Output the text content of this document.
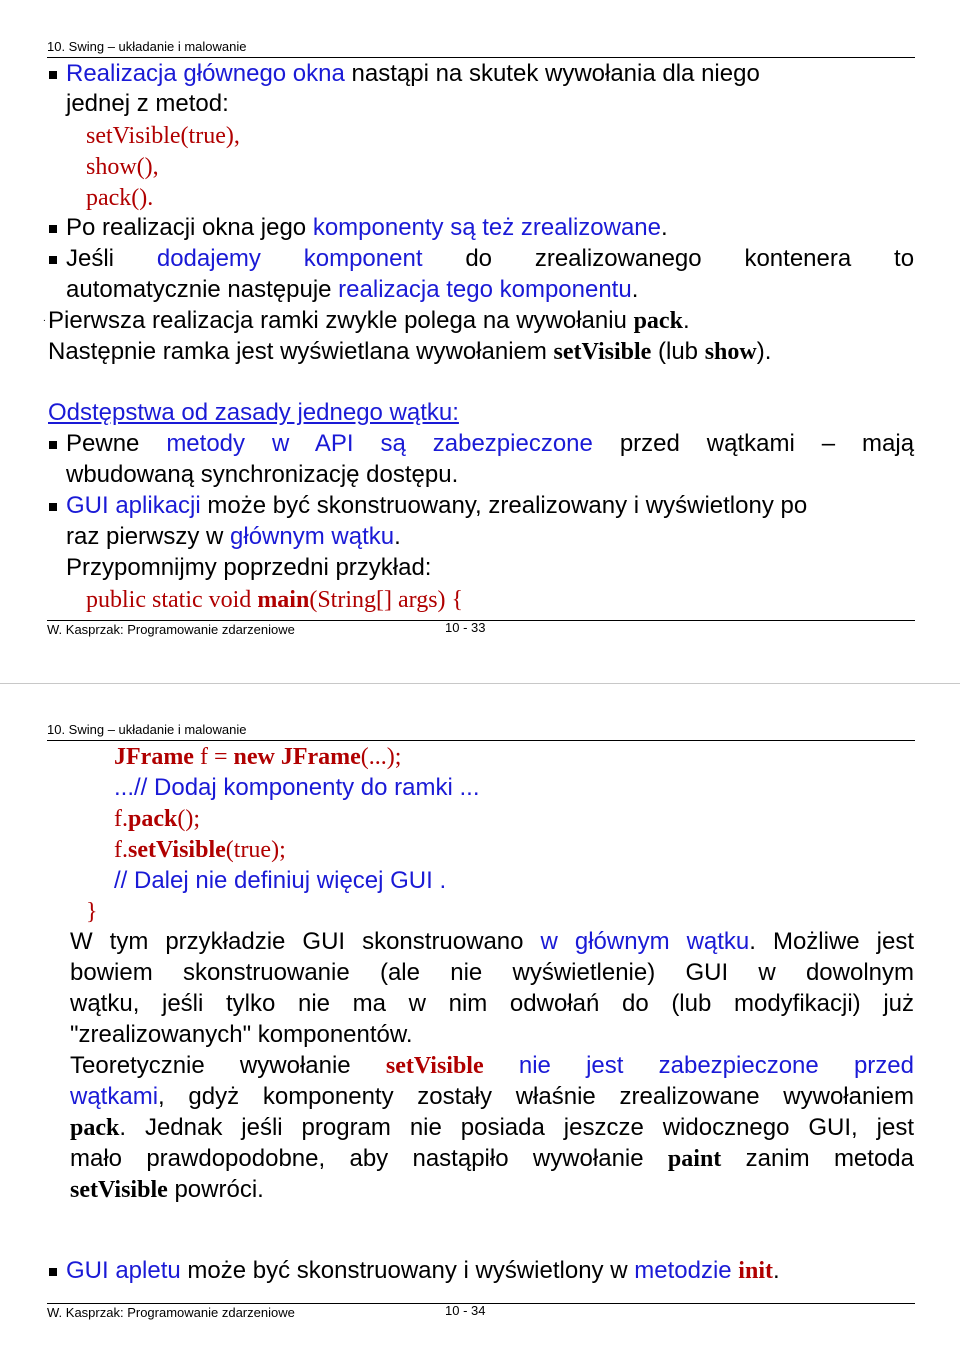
10. Swing – układanie i malowanie
Realizacja głównego okna nastąpi na skutek wywołania dla niego
jednej z metod:
setVisible(true),
show(),
pack().
Po realizacji okna jego komponenty są też zrealizowane.
Jeśli dodajemy komponent do zrealizowanego kontenera to
automatycznie następuje realizacja tego komponentu.
. Pierwsza realizacja ramki zwykle polega na wywołaniu pack.
Następnie ramka jest wyświetlana wywołaniem setVisible (lub show).
Odstępstwa od zasady jednego wątku:
Pewne metody w API są zabezpieczone przed wątkami – mają
wbudowaną synchronizację dostępu.
GUI aplikacji może być skonstruowany, zrealizowany i wyświetlony po
raz pierwszy w głównym wątku.
Przypomnijmy poprzedni przykład:
public static void main(String[] args) {
W. Kasprzak: Programowanie zdarzeniowe	10 - 33
10. Swing – układanie i malowanie
JFrame f = new JFrame(...);
...// Dodaj komponenty do ramki ...
f.pack();
f.setVisible(true);
// Dalej nie definiuj więcej GUI .
}
W tym przykładzie GUI skonstruowano w głównym wątku. Możliwe jest
bowiem skonstruowanie (ale nie wyświetlenie) GUI w dowolnym
wątku, jeśli tylko nie ma w nim odwołań do (lub modyfikacji) już
"zrealizowanych" komponentów.
Teoretycznie wywołanie setVisible nie jest zabezpieczone przed
wątkami, gdyż komponenty zostały właśnie zrealizowane wywołaniem
pack. Jednak jeśli program nie posiada jeszcze widocznego GUI, jest
mało prawdopodobne, aby nastąpiło wywołanie paint zanim metoda
setVisible powróci.
GUI apletu może być skonstruowany i wyświetlony w metodzie init.
W. Kasprzak: Programowanie zdarzeniowe	10 - 34
